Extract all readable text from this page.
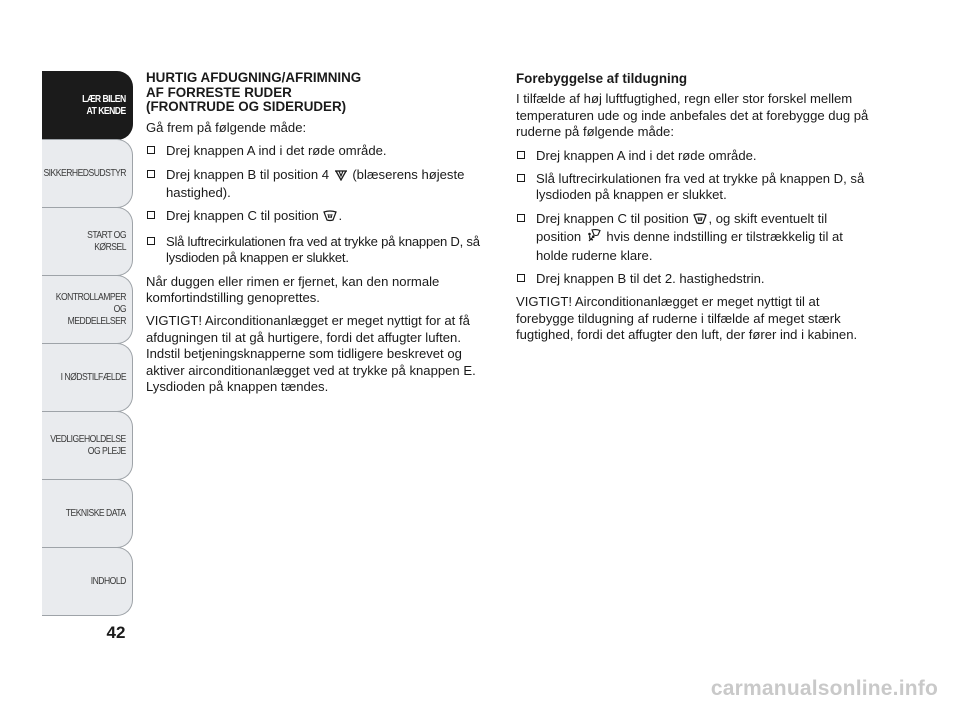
LÆR BILEN
AT KENDE
SIKKERHEDSUDSTYR
START OG KØRSEL
KONTROLLAMPER
OG MEDDELELSER
I NØDSTILFÆLDE
VEDLIGEHOLDELSE
OG PLEJE
TEKNISKE DATA
INDHOLD
42
HURTIG AFDUGNING/AFRIMNING
AF FORRESTE RUDER
(FRONTRUDE OG SIDERUDER)

Gå frem på følgende måde:

Drej knappen A ind i det røde område.
Drej knappen B til position 4  (blæserens højeste hastighed).
Drej knappen C til position .
Slå luftrecirkulationen fra ved at trykke på knappen D, så lysdioden på knappen er slukket.

Når duggen eller rimen er fjernet, kan den normale komfortindstilling genoprettes.

VIGTIGT! Airconditionanlægget er meget nyttigt for at få afdugningen til at gå hurtigere, fordi det affugter luften. Indstil betjeningsknapperne som tidligere beskrevet og aktiver airconditionanlægget ved at trykke på knappen E. Lysdioden på knappen tændes.

Forebyggelse af tildugning

I tilfælde af høj luftfugtighed, regn eller stor forskel mellem temperaturen ude og inde anbefales det at forebygge dug på ruderne på følgende måde:

Drej knappen A ind i det røde område.
Slå luftrecirkulationen fra ved at trykke på knappen D, så lysdioden på knappen er slukket.
Drej knappen C til position , og skift eventuelt til position  hvis denne indstilling er tilstrækkelig til at holde ruderne klare.
Drej knappen B til det 2. hastighedstrin.

VIGTIGT! Airconditionanlægget er meget nyttigt til at forebygge tildugning af ruderne i tilfælde af meget stærk fugtighed, fordi det affugter den luft, der fører ind i kabinen.

carmanualsonline.info
